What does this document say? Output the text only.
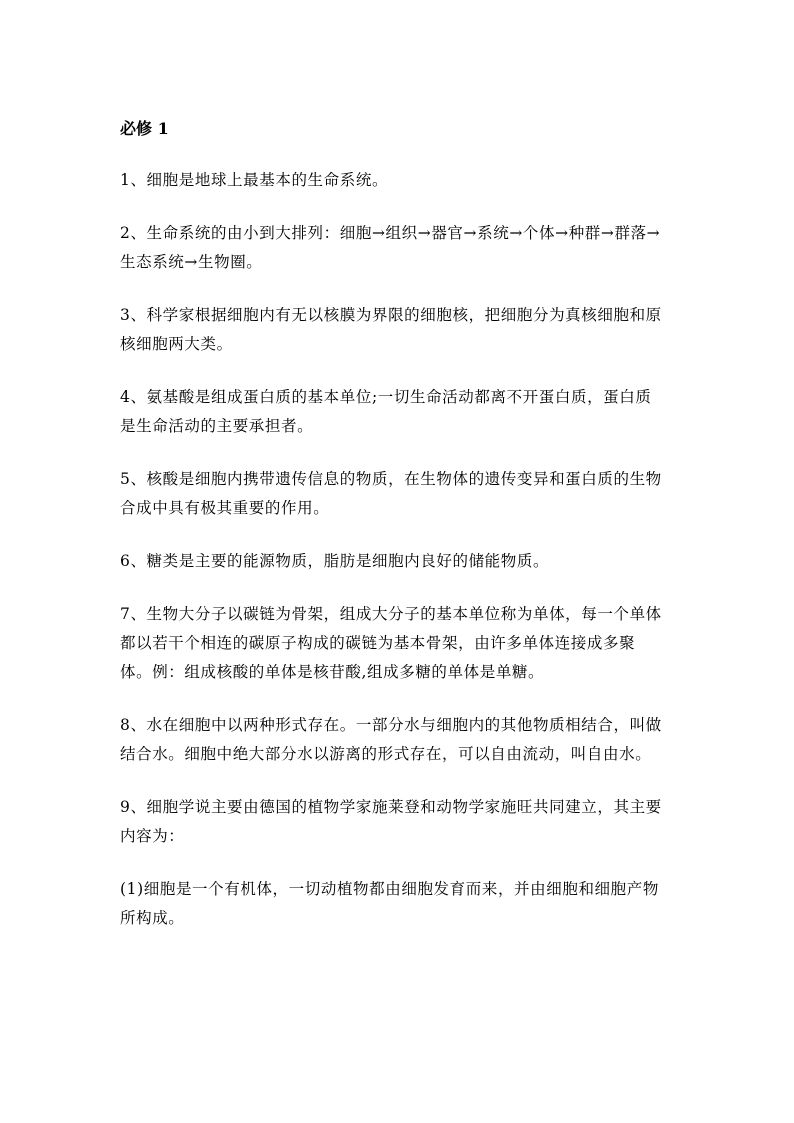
必修 1

1、细胞是地球上最基本的生命系统。

2、生命系统的由小到大排列：细胞→组织→器官→系统→个体→种群→群落→生态系统→生物圈。

3、科学家根据细胞内有无以核膜为界限的细胞核，把细胞分为真核细胞和原核细胞两大类。

4、氨基酸是组成蛋白质的基本单位;一切生命活动都离不开蛋白质，蛋白质是生命活动的主要承担者。

5、核酸是细胞内携带遗传信息的物质，在生物体的遗传变异和蛋白质的生物合成中具有极其重要的作用。

6、糖类是主要的能源物质，脂肪是细胞内良好的储能物质。

7、生物大分子以碳链为骨架，组成大分子的基本单位称为单体，每一个单体都以若干个相连的碳原子构成的碳链为基本骨架，由许多单体连接成多聚体。例：组成核酸的单体是核苷酸,组成多糖的单体是单糖。

8、水在细胞中以两种形式存在。一部分水与细胞内的其他物质相结合，叫做结合水。细胞中绝大部分水以游离的形式存在，可以自由流动，叫自由水。

9、细胞学说主要由德国的植物学家施莱登和动物学家施旺共同建立，其主要内容为：

(1)细胞是一个有机体，一切动植物都由细胞发育而来，并由细胞和细胞产物所构成。
